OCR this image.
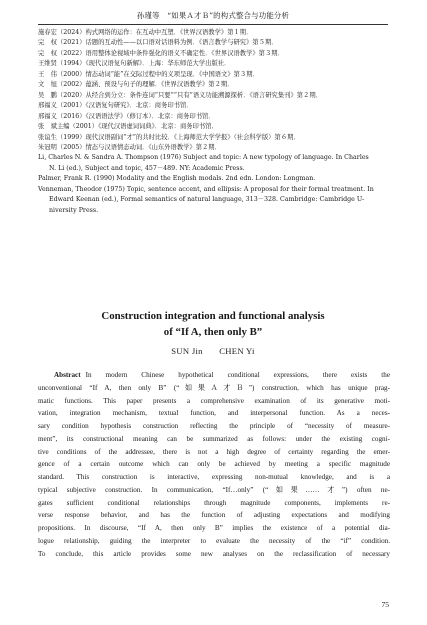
孙瑾等　“如果Ａ才Ｂ”的构式整合与功能分析
施春宏（2024）构式网络的运作：在互动中互塑．《世界汉语教学》第１期．
完　权（2021）话题的互动性——以口语对话语料为例．《语言教学与研究》第５期．
完　权（2022）语用整体论视域中条件强化的语义不确定性．《世界汉语教学》第３期．
王维贤（1994）《现代汉语复句新解》．上海：华东师范大学出版社．
王　伟（2000）情态动词“能”在交际过程中的义项呈现．《中国语文》第３期．
文　旭（2002）蕴涵、预设与句子的理解．《世界汉语教学》第２期．
吴　鹏（2020）从经合到分立：条件连词“只要”“只有”语义功能溯源探析．《语言研究集刊》第２期．
邢福义（2001）《汉语复句研究》．北京：商务印书馆．
邢福义（2016）《汉语语法学》（修订本）．北京：商务印书馆．
张　斌主编（2001）《现代汉语虚词词典》．北京：商务印书馆．
张谊生（1999）现代汉语副词“才”的共时比较．《上海师范大学学报》（社会科学版）第６期．
朱冠明（2005）情态与汉语情态动词．《山东外语教学》第２期．
Li, Charles N. & Sandra A. Thompson (1976) Subject and topic: A new typology of language. In Charles
N. Li (ed.), Subject and topic, 457－489. NY: Academic Press.
Palmer, Frank R. (1990) Modality and the English modals. 2nd edn. London: Longman.
Venneman, Theodor (1975) Topic, sentence accent, and ellipsis: A proposal for their formal treatment. In
Edward Keenan (ed.), Formal semantics of natural language, 313－328. Cambridge: Cambridge U-
niversity Press.
Construction integration and functional analysis
of “If A, then only B”
SUN Jin CHEN Yi
Abstract In modern Chinese hypothetical conditional expressions, there exists the
unconventional “If A, then only B” (“如果Ａ才Ｂ”) construction, which has unique prag-
matic functions. This paper presents a comprehensive examination of its generative moti-
vation, integration mechanism, textual function, and interpersonal function. As a neces-
sary condition hypothesis construction reflecting the principle of “necessity of measure-
ment”, its constructional meaning can be summarized as follows: under the existing cogni-
tive conditions of the addressee, there is not a high degree of certainty regarding the emer-
gence of a certain outcome which can only be achieved by meeting a specific magnitude
standard. This construction is interactive, expressing non-mutual knowledge, and is a
typical subjective construction. In communication, “If…only” (“如果……才”) often ne-
gates sufficient conditional relationships through magnitude components, implements re-
verse response behavior, and has the function of adjusting expectations and modifying
propositions. In discourse, “If A, then only B” implies the existence of a potential dia-
logue relationship, guiding the interpreter to evaluate the necessity of the “if” condition.
To conclude, this article provides some new analyses on the reclassification of necessary
75
